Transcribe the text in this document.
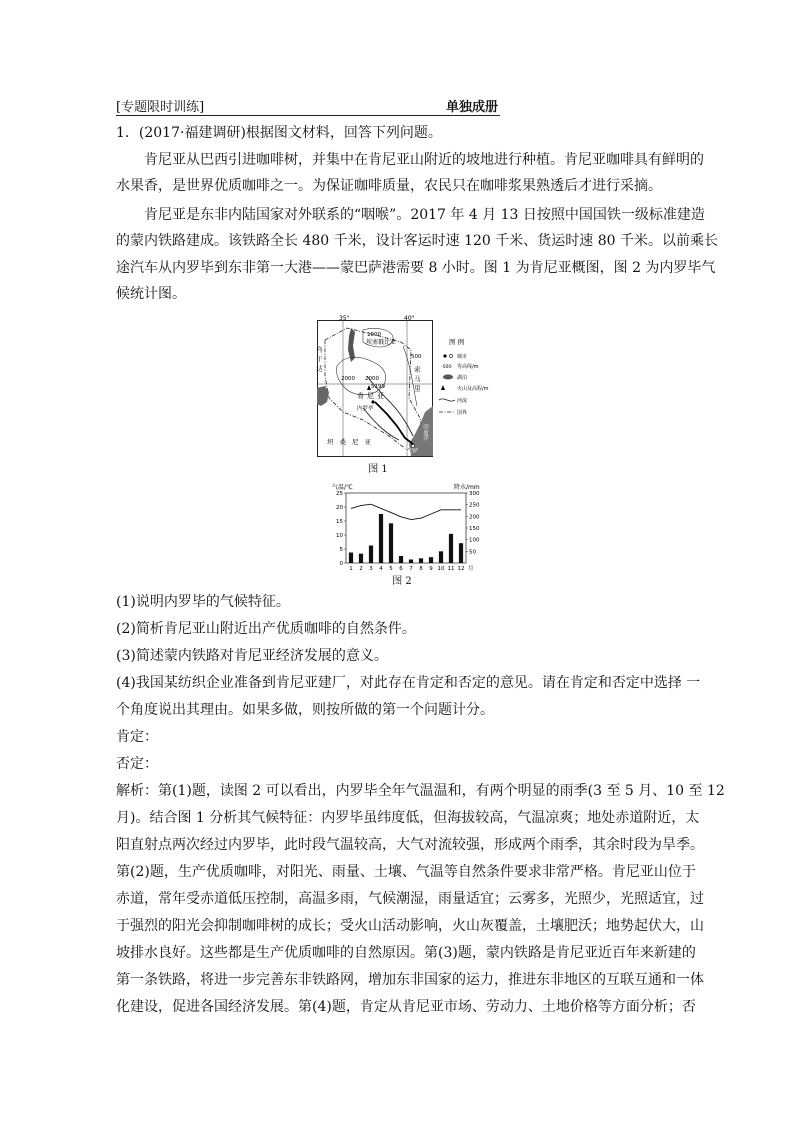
[专题限时训练]	单独成册
1．(2017·福建调研)根据图文材料，回答下列问题。
肯尼亚从巴西引进咖啡树，并集中在肯尼亚山附近的坡地进行种植。肯尼亚咖啡具有鲜明的
水果香，是世界优质咖啡之一。为保证咖啡质量，农民只在咖啡浆果熟透后才进行采摘。
肯尼亚是东非内陆国家对外联系的“咽喉”。2017 年 4 月 13 日按照中国国铁一级标准建造
的蒙内铁路建成。该铁路全长 480 千米，设计客运时速 120 千米、货运时速 80 千米。以前乘长
途汽车从内罗毕到东非第一大港——蒙巴萨港需要 8 小时。图 1 为肯尼亚概图，图 2 为内罗毕气
候统计图。
35°	40°
1000
埃塞俄比亚
500
2000 2000
5199
内罗毕
蒙巴萨
乌干达
索马里
肯尼亚
坦桑尼亚
印度洋
图 例
城市
-500- 等高线/m
湖泊
火山及高程/m
河流
国界
图 1
气温/℃	降水/mm
25
20
15
10
5
0
300
250
200
150
100
50
1 2 3 4 5 6 7 8 9 10 11 12 月
图 2
(1)说明内罗毕的气候特征。
(2)简析肯尼亚山附近出产优质咖啡的自然条件。
(3)简述蒙内铁路对肯尼亚经济发展的意义。
(4)我国某纺织企业准备到肯尼亚建厂，对此存在肯定和否定的意见。请在肯定和否定中选择 一
个角度说出其理由。如果多做，则按所做的第一个问题计分。
肯定：
否定：
解析：第(1)题，读图 2 可以看出，内罗毕全年气温温和，有两个明显的雨季(3 至 5 月、10 至 12
月)。结合图 1 分析其气候特征：内罗毕虽纬度低，但海拔较高，气温凉爽；地处赤道附近，太
阳直射点两次经过内罗毕，此时段气温较高，大气对流较强，形成两个雨季，其余时段为旱季。
第(2)题，生产优质咖啡，对阳光、雨量、土壤、气温等自然条件要求非常严格。肯尼亚山位于
赤道，常年受赤道低压控制，高温多雨，气候潮湿，雨量适宜；云雾多，光照少，光照适宜，过
于强烈的阳光会抑制咖啡树的成长；受火山活动影响，火山灰覆盖，土壤肥沃；地势起伏大，山
坡排水良好。这些都是生产优质咖啡的自然原因。第(3)题，蒙内铁路是肯尼亚近百年来新建的
第一条铁路，将进一步完善东非铁路网，增加东非国家的运力，推进东非地区的互联互通和一体
化建设，促进各国经济发展。第(4)题，肯定从肯尼亚市场、劳动力、土地价格等方面分析；否
